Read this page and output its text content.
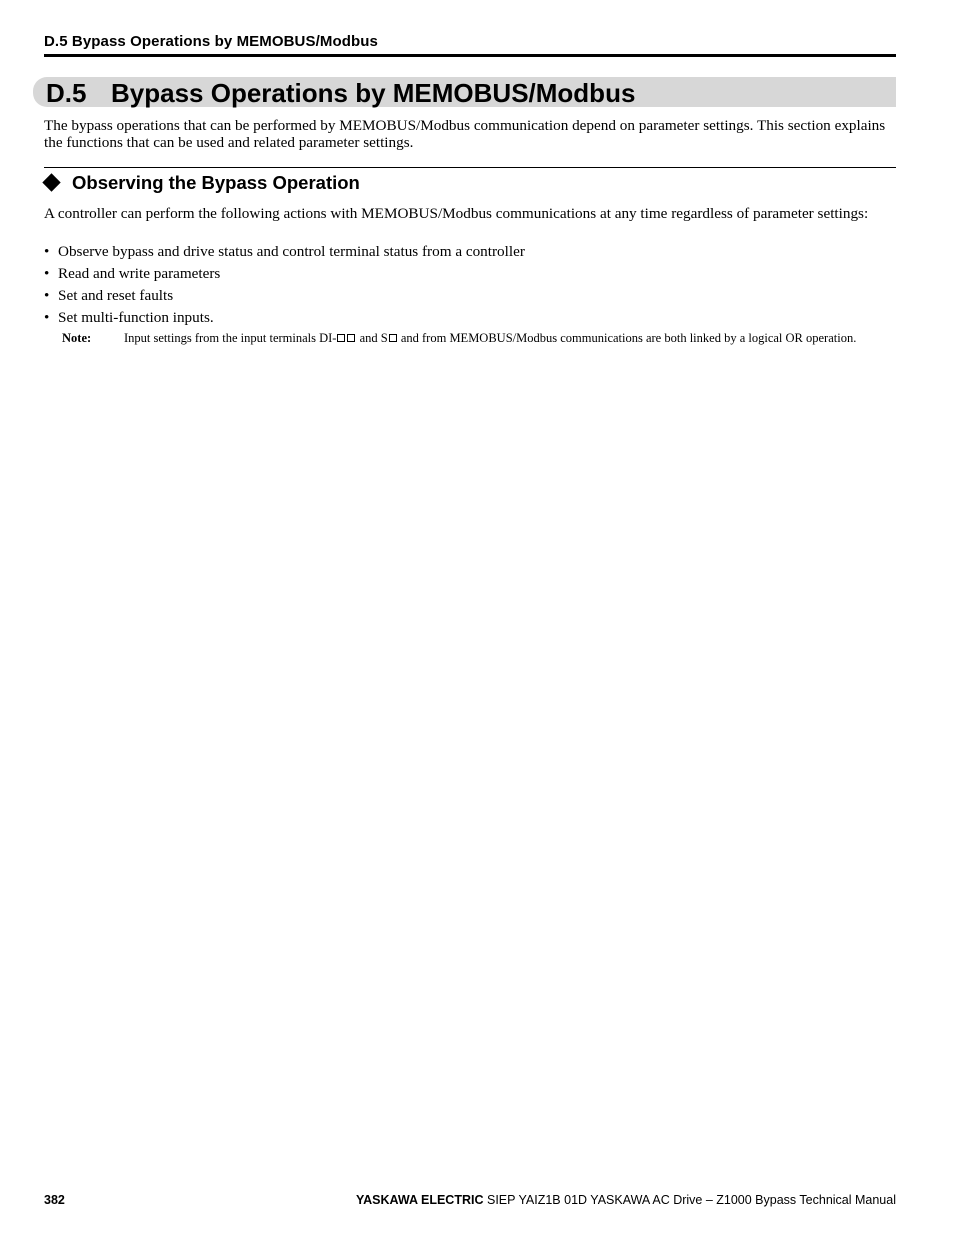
D.5 Bypass Operations by MEMOBUS/Modbus
D.5 Bypass Operations by MEMOBUS/Modbus

The bypass operations that can be performed by MEMOBUS/Modbus communication depend on parameter settings. This section explains the functions that can be used and related parameter settings.

Observing the Bypass Operation

A controller can perform the following actions with MEMOBUS/Modbus communications at any time regardless of parameter settings:

• Observe bypass and drive status and control terminal status from a controller
• Read and write parameters
• Set and reset faults
• Set multi-function inputs.
Note:	Input settings from the input terminals DI- and S and from MEMOBUS/Modbus communications are both linked by a logical OR operation.

382	YASKAWA ELECTRIC SIEP YAIZ1B 01D YASKAWA AC Drive – Z1000 Bypass Technical Manual
